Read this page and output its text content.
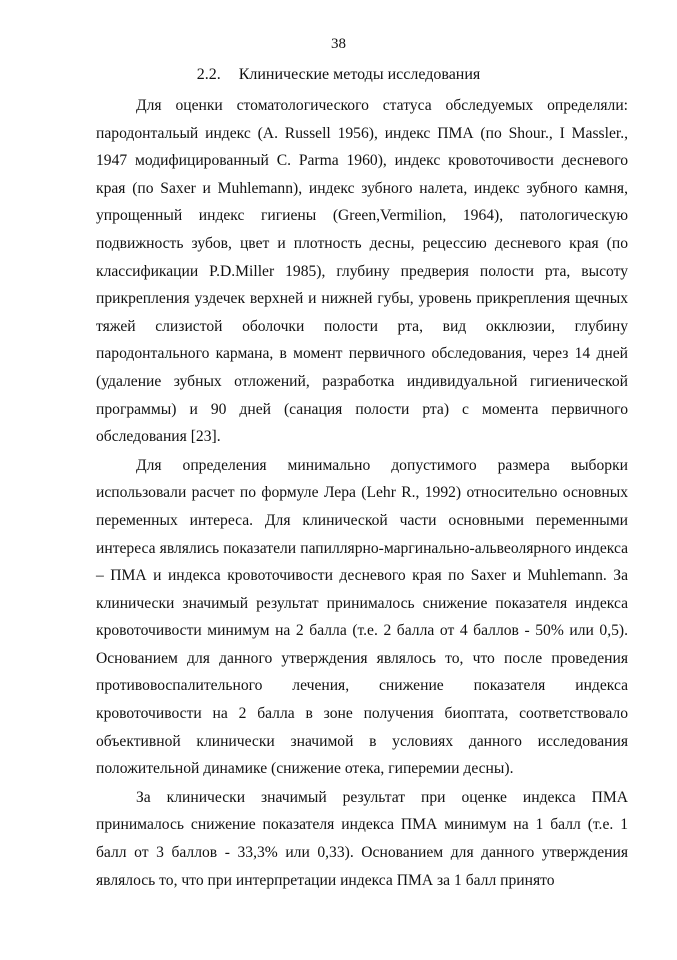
38
2.2. Клинические методы исследования

Для оценки стоматологического статуса обследуемых определяли: пародонтальый индекс (A. Russell 1956), индекс ПМА (по Shour., I Massler., 1947 модифицированный C. Parma 1960), индекс кровоточивости десневого края (по Saxer и Muhlemann), индекс зубного налета, индекс зубного камня, упрощенный индекс гигиены (Green,Vermilion, 1964), патологическую подвижность зубов, цвет и плотность десны, рецессию десневого края (по классификации P.D.Miller 1985), глубину предверия полости рта, высоту прикрепления уздечек верхней и нижней губы, уровень прикрепления щечных тяжей слизистой оболочки полости рта, вид окклюзии, глубину пародонтального кармана, в момент первичного обследования, через 14 дней (удаление зубных отложений, разработка индивидуальной гигиенической программы) и 90 дней (санация полости рта) с момента первичного обследования [23].

Для определения минимально допустимого размера выборки использовали расчет по формуле Лера (Lehr R., 1992) относительно основных переменных интереса. Для клинической части основными переменными интереса являлись показатели папиллярно-маргинально-альвеолярного индекса – ПМА и индекса кровоточивости десневого края по Saxer и Muhlemann. За клинически значимый результат принималось снижение показателя индекса кровоточивости минимум на 2 балла (т.е. 2 балла от 4 баллов - 50% или 0,5). Основанием для данного утверждения являлось то, что после проведения противовоспалительного лечения, снижение показателя индекса кровоточивости на 2 балла в зоне получения биоптата, соответствовало объективной клинически значимой в условиях данного исследования положительной динамике (снижение отека, гиперемии десны).

За клинически значимый результат при оценке индекса ПМА принималось снижение показателя индекса ПМА минимум на 1 балл (т.е. 1 балл от 3 баллов - 33,3% или 0,33). Основанием для данного утверждения являлось то, что при интерпретации индекса ПМА за 1 балл принято
